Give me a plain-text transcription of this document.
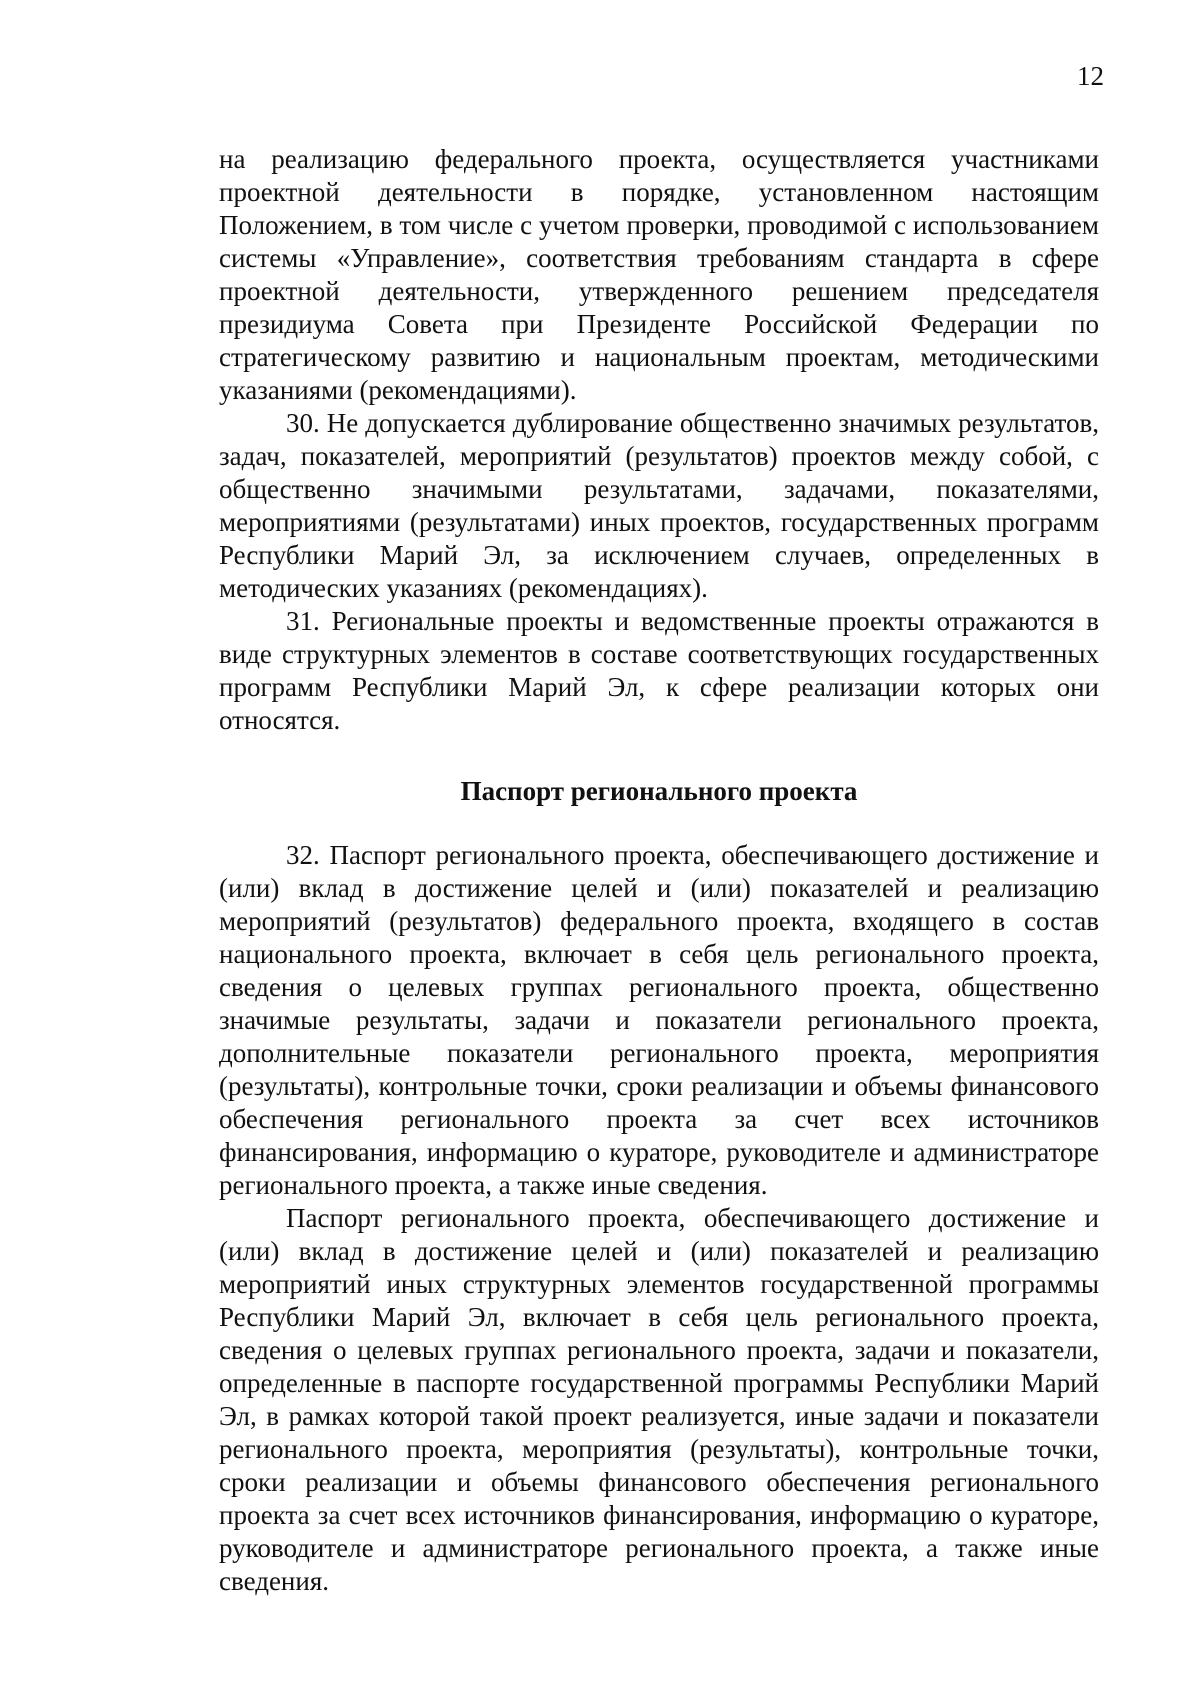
12

на реализацию федерального проекта, осуществляется участниками проектной деятельности в порядке, установленном настоящим Положением, в том числе с учетом проверки, проводимой с использованием системы «Управление», соответствия требованиям стандарта в сфере проектной деятельности, утвержденного решением председателя президиума Совета при Президенте Российской Федерации по стратегическому развитию и национальным проектам, методическими указаниями (рекомендациями).

30. Не допускается дублирование общественно значимых результатов, задач, показателей, мероприятий (результатов) проектов между собой, с общественно значимыми результатами, задачами, показателями, мероприятиями (результатами) иных проектов, государственных программ Республики Марий Эл, за исключением случаев, определенных в методических указаниях (рекомендациях).

31. Региональные проекты и ведомственные проекты отражаются в виде структурных элементов в составе соответствующих государственных программ Республики Марий Эл, к сфере реализации которых они относятся.

Паспорт регионального проекта

32. Паспорт регионального проекта, обеспечивающего достижение и (или) вклад в достижение целей и (или) показателей и реализацию мероприятий (результатов) федерального проекта, входящего в состав национального проекта, включает в себя цель регионального проекта, сведения о целевых группах регионального проекта, общественно значимые результаты, задачи и показатели регионального проекта, дополнительные показатели регионального проекта, мероприятия (результаты), контрольные точки, сроки реализации и объемы финансового обеспечения регионального проекта за счет всех источников финансирования, информацию о кураторе, руководителе и администраторе регионального проекта, а также иные сведения.

Паспорт регионального проекта, обеспечивающего достижение и (или) вклад в достижение целей и (или) показателей и реализацию мероприятий иных структурных элементов государственной программы Республики Марий Эл, включает в себя цель регионального проекта, сведения о целевых группах регионального проекта, задачи и показатели, определенные в паспорте государственной программы Республики Марий Эл, в рамках которой такой проект реализуется, иные задачи и показатели регионального проекта, мероприятия (результаты), контрольные точки, сроки реализации и объемы финансового обеспечения регионального проекта за счет всех источников финансирования, информацию о кураторе, руководителе и администраторе регионального проекта, а также иные сведения.
